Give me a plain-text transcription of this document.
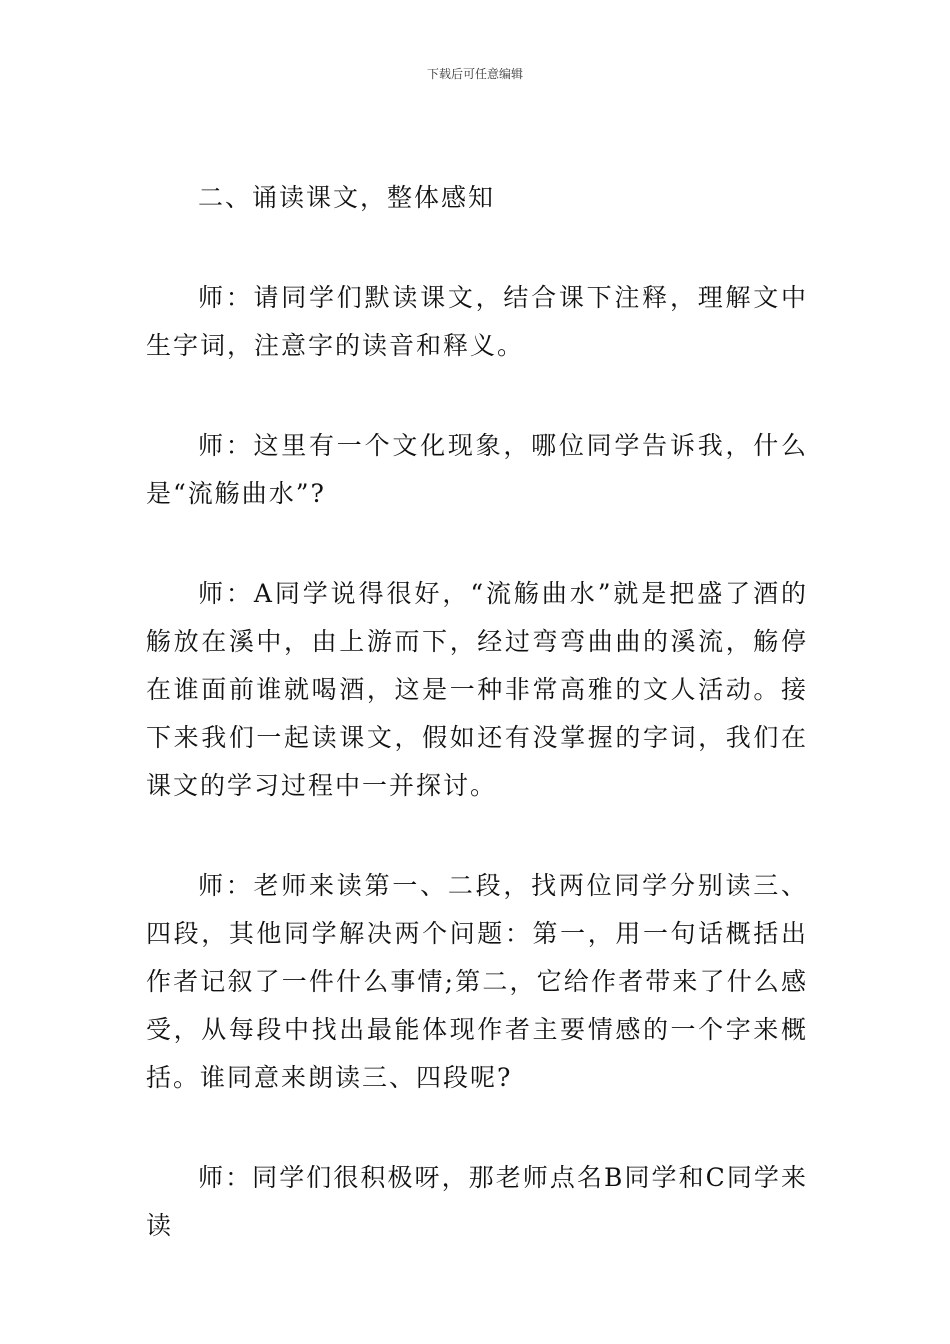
下载后可任意编辑

二、诵读课文，整体感知

师：请同学们默读课文，结合课下注释，理解文中生字词，注意字的读音和释义。

师：这里有一个文化现象，哪位同学告诉我，什么是“流觞曲水”?

师：A同学说得很好，“流觞曲水”就是把盛了酒的觞放在溪中，由上游而下，经过弯弯曲曲的溪流，觞停在谁面前谁就喝酒，这是一种非常高雅的文人活动。接下来我们一起读课文，假如还有没掌握的字词，我们在课文的学习过程中一并探讨。

师：老师来读第一、二段，找两位同学分别读三、四段，其他同学解决两个问题：第一，用一句话概括出作者记叙了一件什么事情;第二，它给作者带来了什么感受，从每段中找出最能体现作者主要情感的一个字来概括。谁同意来朗读三、四段呢?

师：同学们很积极呀，那老师点名B同学和C同学来读
